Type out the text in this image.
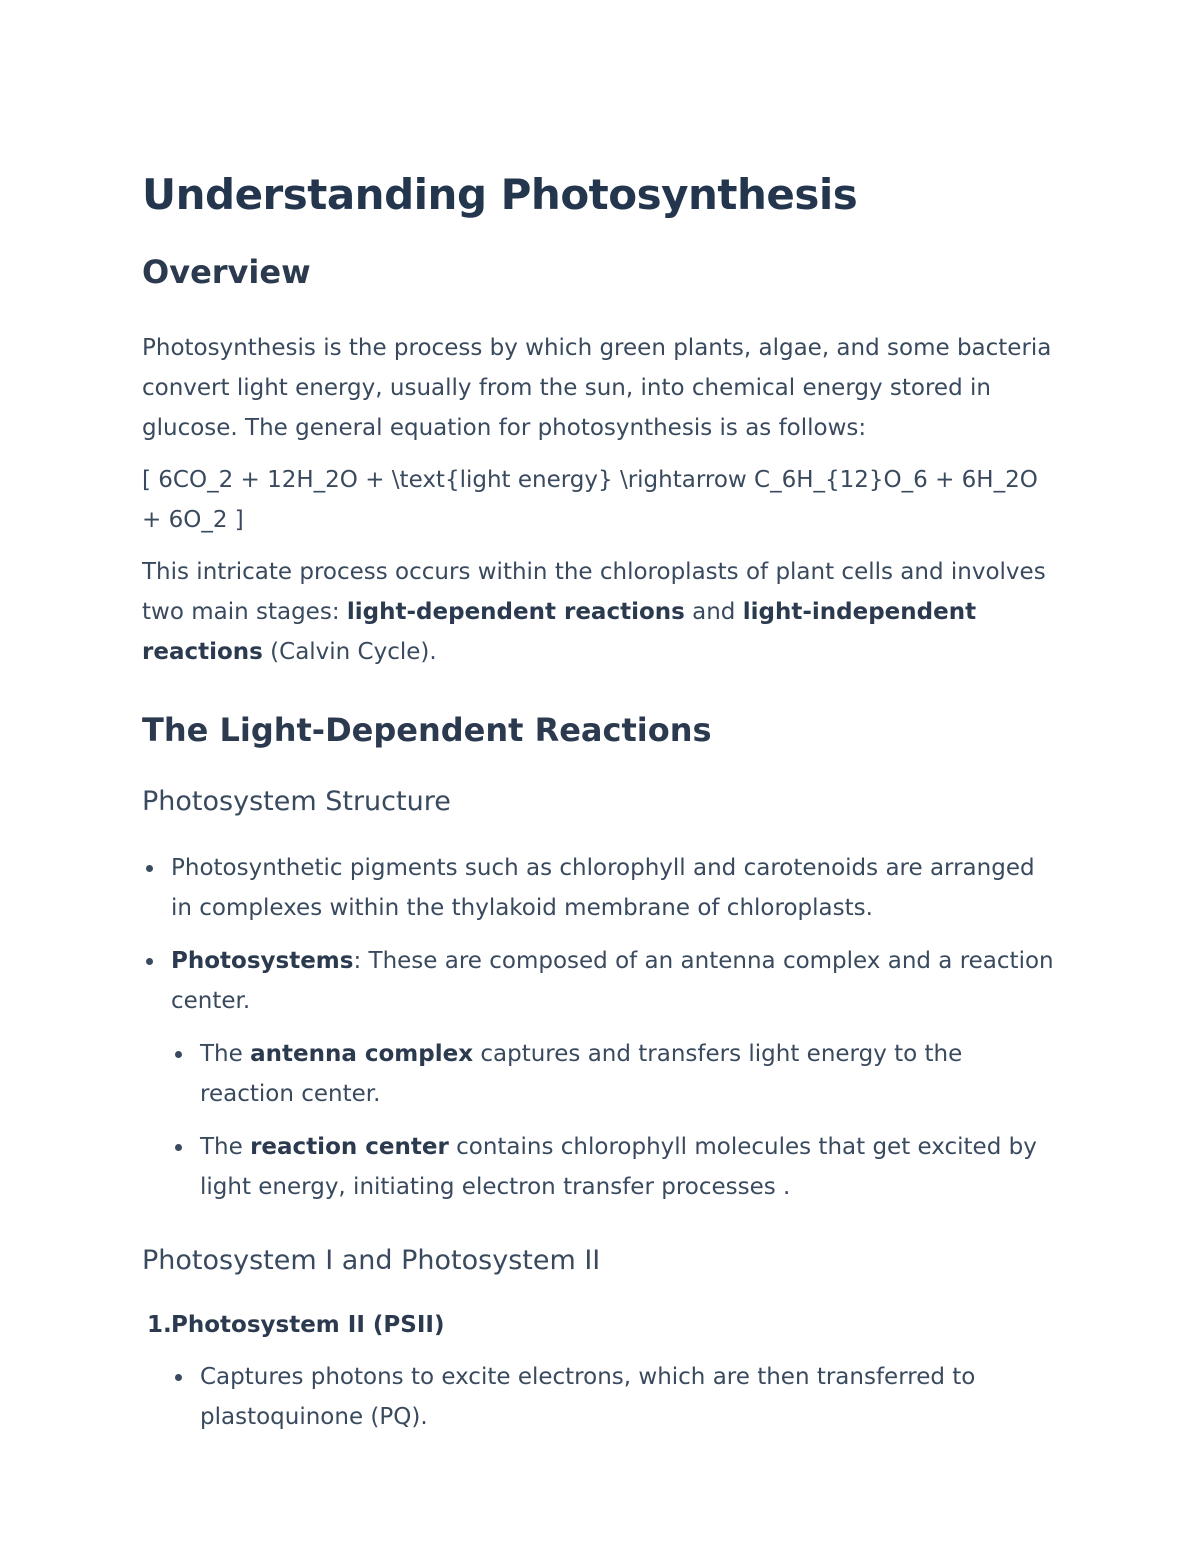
Understanding Photosynthesis
Overview

Photosynthesis is the process by which green plants, algae, and some bacteria convert light energy, usually from the sun, into chemical energy stored in glucose. The general equation for photosynthesis is as follows:

[ 6CO_2 + 12H_2O + \text{light energy} \rightarrow C_6H_{12}O_6 + 6H_2O + 6O_2 ]

This intricate process occurs within the chloroplasts of plant cells and involves two main stages: light-dependent reactions and light-independent reactions (Calvin Cycle).

The Light-Dependent Reactions
Photosystem Structure
Photosynthetic pigments such as chlorophyll and carotenoids are arranged in complexes within the thylakoid membrane of chloroplasts.
Photosystems: These are composed of an antenna complex and a reaction center.
The antenna complex captures and transfers light energy to the reaction center.
The reaction center contains chlorophyll molecules that get excited by light energy, initiating electron transfer processes .
Photosystem I and Photosystem II
1. Photosystem II (PSII)
Captures photons to excite electrons, which are then transferred to plastoquinone (PQ).
